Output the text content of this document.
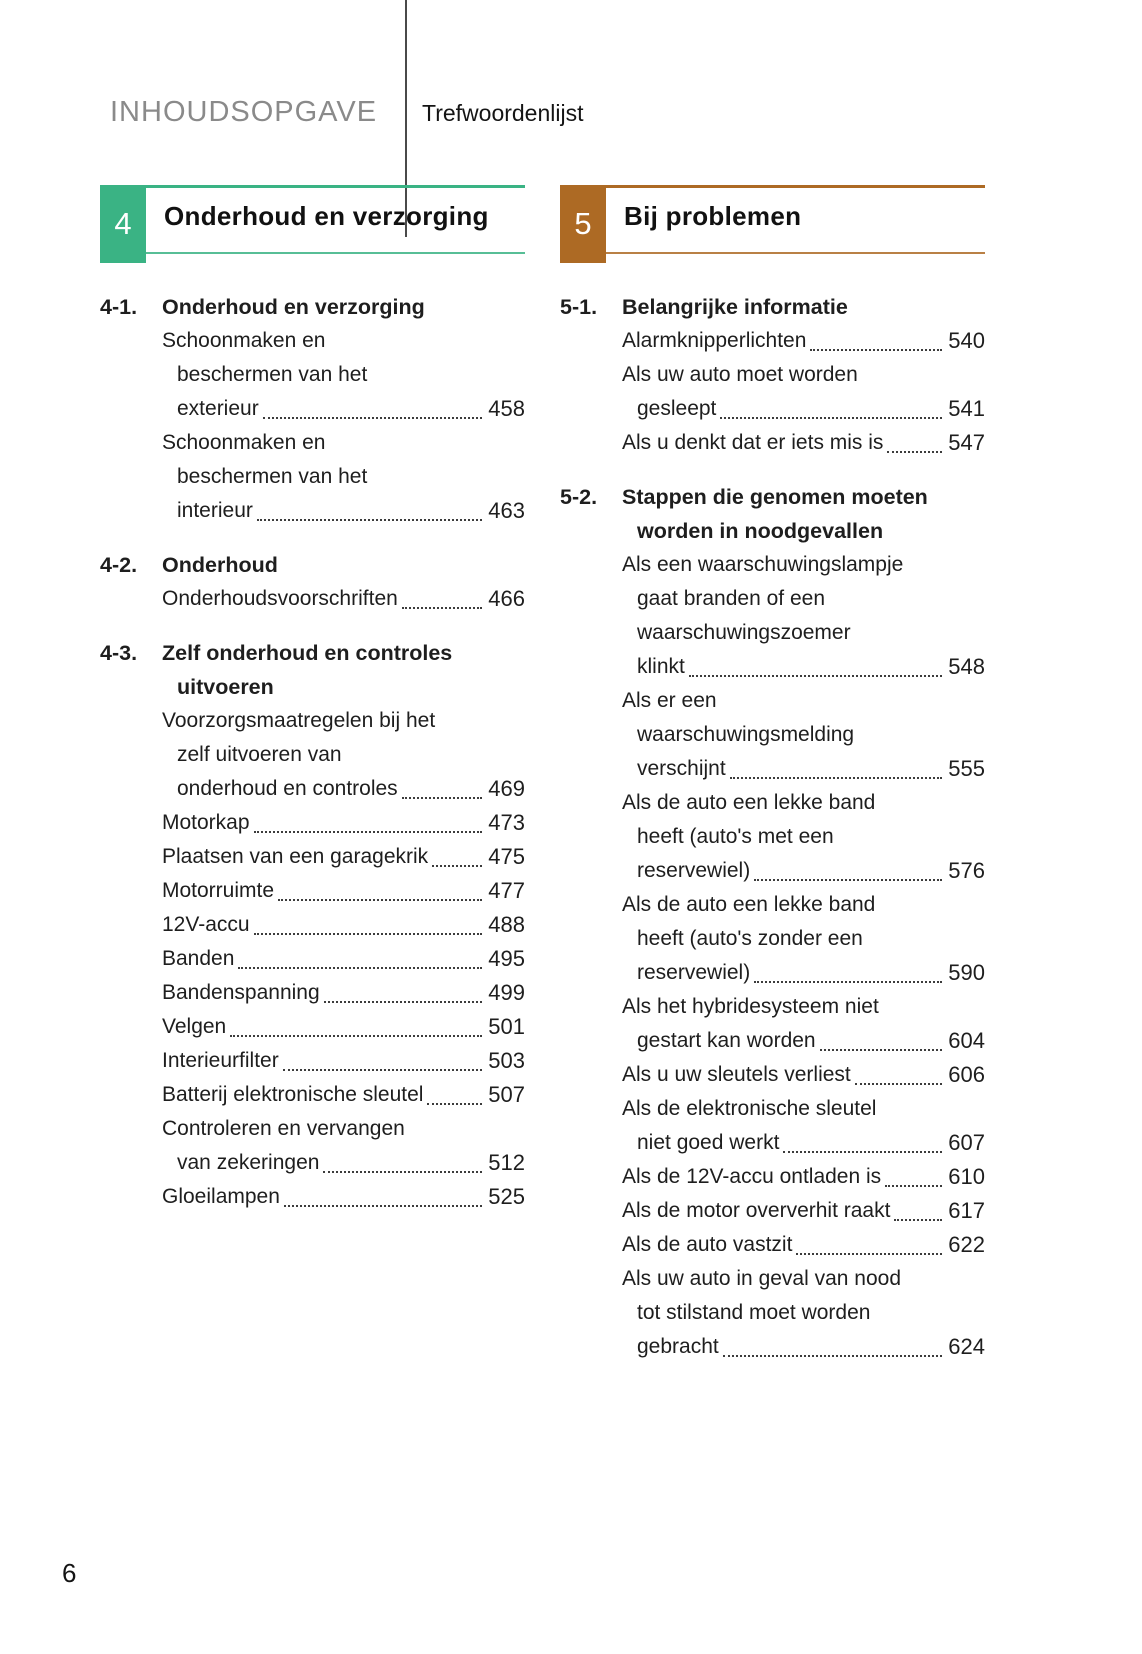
INHOUDSOPGAVE Trefwoordenlijst
4	Onderhoud en verzorging
4-1.	Onderhoud en verzorging
Schoonmaken en
beschermen van het
exterieur	458
Schoonmaken en
beschermen van het
interieur	463
4-2.	Onderhoud
Onderhoudsvoorschriften	466
4-3.	Zelf onderhoud en controles
uitvoeren
Voorzorgsmaatregelen bij het
zelf uitvoeren van
onderhoud en controles	469
Motorkap	473
Plaatsen van een garagekrik	475
Motorruimte	477
12V-accu	488
Banden	495
Bandenspanning	499
Velgen	501
Interieurfilter	503
Batterij elektronische sleutel	507
Controleren en vervangen
van zekeringen	512
Gloeilampen	525
5	Bij problemen
5-1.	Belangrijke informatie
Alarmknipperlichten	540
Als uw auto moet worden
gesleept	541
Als u denkt dat er iets mis is	547
5-2.	Stappen die genomen moeten
worden in noodgevallen
Als een waarschuwingslampje
gaat branden of een
waarschuwingszoemer
klinkt	548
Als er een
waarschuwingsmelding
verschijnt	555
Als de auto een lekke band
heeft (auto's met een
reservewiel)	576
Als de auto een lekke band
heeft (auto's zonder een
reservewiel)	590
Als het hybridesysteem niet
gestart kan worden	604
Als u uw sleutels verliest	606
Als de elektronische sleutel
niet goed werkt	607
Als de 12V-accu ontladen is	610
Als de motor oververhit raakt	617
Als de auto vastzit	622
Als uw auto in geval van nood
tot stilstand moet worden
gebracht	624
6
